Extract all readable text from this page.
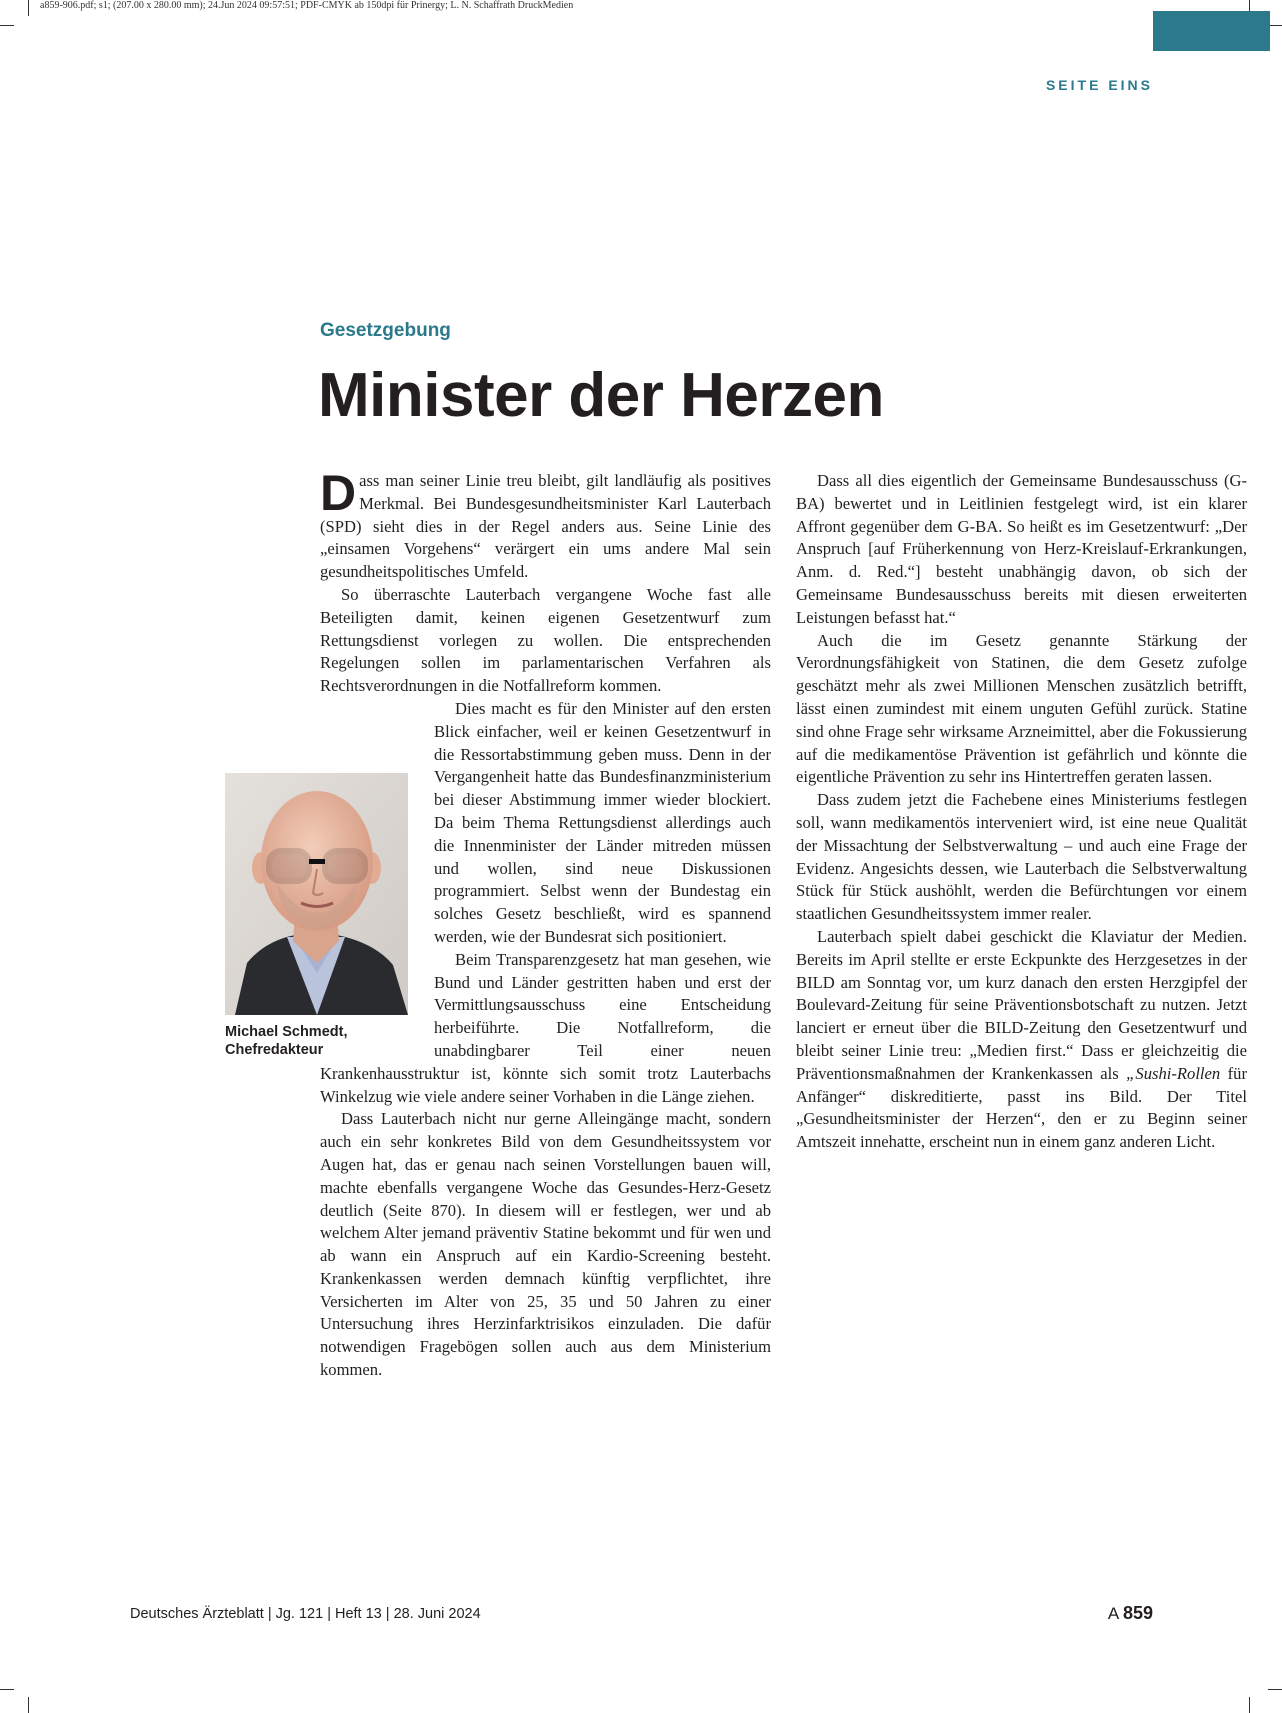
a859-906.pdf; s1; (207.00 x 280.00 mm); 24.Jun 2024 09:57:51; PDF-CMYK ab 150dpi für Prinergy; L. N. Schaffrath DruckMedien
SEITE EINS
Gesetzgebung
Minister der Herzen

Dass man seiner Linie treu bleibt, gilt landläufig als positives Merkmal. Bei Bundesgesundheitsminister Karl Lauterbach (SPD) sieht dies in der Regel anders aus. Seine Linie des „einsamen Vorgehens“ verärgert ein ums andere Mal sein gesundheitspolitisches Umfeld.

So überraschte Lauterbach vergangene Woche fast alle Beteiligten damit, keinen eigenen Gesetzentwurf zum Rettungsdienst vorlegen zu wollen. Die entsprechenden Regelungen sollen im parlamentarischen Verfahren als Rechtsverordnungen in die Notfallreform kommen.

Dies macht es für den Minister auf den ersten Blick einfacher, weil er keinen Gesetzentwurf in die Ressortabstimmung geben muss. Denn in der Vergangenheit hatte das Bundesfinanzministerium bei dieser Abstimmung immer wieder blockiert. Da beim Thema Rettungsdienst allerdings auch die Innenminister der Länder mitreden müssen und wollen, sind neue Diskussionen programmiert. Selbst wenn der Bundestag ein solches Gesetz beschließt, wird es spannend werden, wie der Bundesrat sich positioniert.

Beim Transparenzgesetz hat man gesehen, wie Bund und Länder gestritten haben und erst der Vermittlungsausschuss eine Entscheidung herbeiführte. Die Notfallreform, die unabdingbarer Teil einer neuen Krankenhausstruktur ist, könnte sich somit trotz Lauterbachs Winkelzug wie viele andere seiner Vorhaben in die Länge ziehen.

Dass Lauterbach nicht nur gerne Alleingänge macht, sondern auch ein sehr konkretes Bild von dem Gesundheitssystem vor Augen hat, das er genau nach seinen Vorstellungen bauen will, machte ebenfalls vergangene Woche das Gesundes-Herz-Gesetz deutlich (Seite 870). In diesem will er festlegen, wer und ab welchem Alter jemand präventiv Statine bekommt und für wen und ab wann ein Anspruch auf ein Kardio-Screening besteht. Krankenkassen werden demnach künftig verpflichtet, ihre Versicherten im Alter von 25, 35 und 50 Jahren zu einer Untersuchung ihres Herzinfarktrisikos einzuladen. Die dafür notwendigen Fragebögen sollen auch aus dem Ministerium kommen.

Dass all dies eigentlich der Gemeinsame Bundesausschuss (G-BA) bewertet und in Leitlinien festgelegt wird, ist ein klarer Affront gegenüber dem G-BA. So heißt es im Gesetzentwurf: „Der Anspruch [auf Früherkennung von Herz-Kreislauf-Erkrankungen, Anm. d. Red.“] besteht unabhängig davon, ob sich der Gemeinsame Bundesausschuss bereits mit diesen erweiterten Leistungen befasst hat.“

Auch die im Gesetz genannte Stärkung der Verordnungsfähigkeit von Statinen, die dem Gesetz zufolge geschätzt mehr als zwei Millionen Menschen zusätzlich betrifft, lässt einen zumindest mit einem unguten Gefühl zurück. Statine sind ohne Frage sehr wirksame Arzneimittel, aber die Fokussierung auf die medikamentöse Prävention ist gefährlich und könnte die eigentliche Prävention zu sehr ins Hintertreffen geraten lassen.

Dass zudem jetzt die Fachebene eines Ministeriums festlegen soll, wann medikamentös interveniert wird, ist eine neue Qualität der Missachtung der Selbstverwaltung – und auch eine Frage der Evidenz. Angesichts dessen, wie Lauterbach die Selbstverwaltung Stück für Stück aushöhlt, werden die Befürchtungen vor einem staatlichen Gesundheitssystem immer realer.

Lauterbach spielt dabei geschickt die Klaviatur der Medien. Bereits im April stellte er erste Eckpunkte des Herzgesetzes in der BILD am Sonntag vor, um kurz danach den ersten Herzgipfel der Boulevard-Zeitung für seine Präventionsbotschaft zu nutzen. Jetzt lanciert er erneut über die BILD-Zeitung den Gesetzentwurf und bleibt seiner Linie treu: „Medien first.“ Dass er gleichzeitig die Präventionsmaßnahmen der Krankenkassen als „Sushi-Rollen für Anfänger“ diskreditierte, passt ins Bild. Der Titel „Gesundheitsminister der Herzen“, den er zu Beginn seiner Amtszeit innehatte, erscheint nun in einem ganz anderen Licht.

Michael Schmedt,
Chefredakteur
Deutsches Ärzteblatt | Jg. 121 | Heft 13 | 28. Juni 2024	A 859
